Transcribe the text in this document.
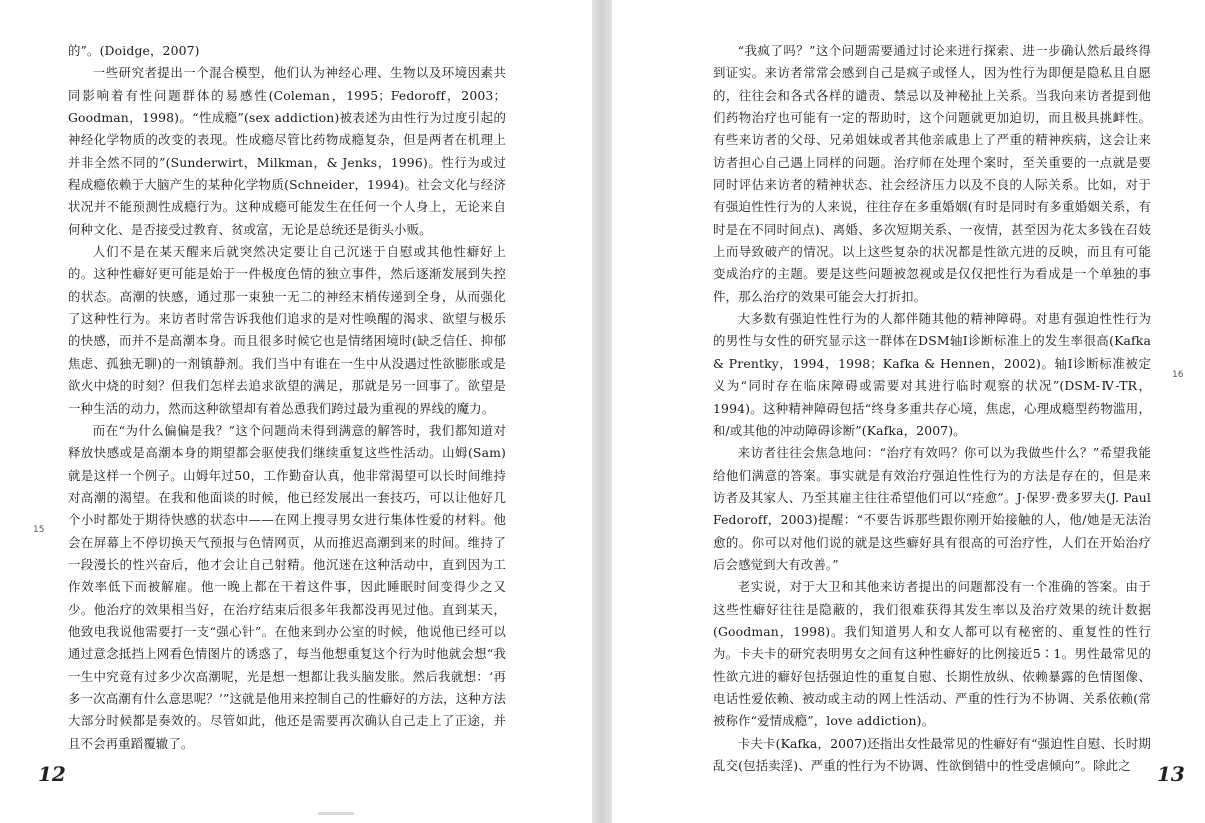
的”。(Doidge，2007)

一些研究者提出一个混合模型，他们认为神经心理、生物以及环境因素共同影响着有性问题群体的易感性(Coleman，1995；Fedoroff，2003；Goodman，1998)。“性成瘾”(sex addiction)被表述为由性行为过度引起的神经化学物质的改变的表现。性成瘾尽管比药物成瘾复杂，但是两者在机理上并非全然不同的”(Sunderwirt，Milkman，& Jenks，1996)。性行为或过程成瘾依赖于大脑产生的某种化学物质(Schneider，1994)。社会文化与经济状况并不能预测性成瘾行为。这种成瘾可能发生在任何一个人身上，无论来自何种文化、是否接受过教育、贫或富，无论是总统还是街头小贩。

人们不是在某天醒来后就突然决定要让自己沉迷于自慰或其他性癖好上的。这种性癖好更可能是始于一件极度色情的独立事件，然后逐渐发展到失控的状态。高潮的快感，通过那一束独一无二的神经末梢传递到全身，从而强化了这种性行为。来访者时常告诉我他们追求的是对性唤醒的渴求、欲望与极乐的快感，而并不是高潮本身。而且很多时候它也是情绪困境时(缺乏信任、抑郁焦虑、孤独无聊)的一剂镇静剂。我们当中有谁在一生中从没遇过性欲膨胀或是欲火中烧的时刻？但我们怎样去追求欲望的满足，那就是另一回事了。欲望是一种生活的动力，然而这种欲望却有着怂恿我们跨过最为重视的界线的魔力。

而在“为什么偏偏是我？”这个问题尚未得到满意的解答时，我们都知道对释放快感或是高潮本身的期望都会驱使我们继续重复这些性活动。山姆(Sam)就是这样一个例子。山姆年过50，工作勤奋认真，他非常渴望可以长时间维持对高潮的渴望。在我和他面谈的时候，他已经发展出一套技巧，可以让他好几个小时都处于期待快感的状态中——在网上搜寻男女进行集体性爱的材料。他会在屏幕上不停切换天气预报与色情网页，从而推迟高潮到来的时间。维持了一段漫长的性兴奋后，他才会让自己射精。他沉迷在这种活动中，直到因为工作效率低下而被解雇。他一晚上都在干着这件事，因此睡眠时间变得少之又少。他治疗的效果相当好，在治疗结束后很多年我都没再见过他。直到某天，他致电我说他需要打一支“强心针”。在他来到办公室的时候，他说他已经可以通过意念抵挡上网看色情图片的诱惑了，每当他想重复这个行为时他就会想“我一生中究竟有过多少次高潮呢，光是想一想都让我头脑发胀。然后我就想：‘再多一次高潮有什么意思呢？’”这就是他用来控制自己的性癖好的方法，这种方法大部分时候都是奏效的。尽管如此，他还是需要再次确认自己走上了正途，并且不会再重蹈覆辙了。

15
12

“我疯了吗？”这个问题需要通过讨论来进行探索、进一步确认然后最终得到证实。来访者常常会感到自己是疯子或怪人，因为性行为即便是隐私且自愿的，往往会和各式各样的谴责、禁忌以及神秘扯上关系。当我向来访者提到他们药物治疗也可能有一定的帮助时，这个问题就更加迫切，而且极具挑衅性。有些来访者的父母、兄弟姐妹或者其他亲戚患上了严重的精神疾病，这会让来访者担心自己遇上同样的问题。治疗师在处理个案时，至关重要的一点就是要同时评估来访者的精神状态、社会经济压力以及不良的人际关系。比如，对于有强迫性性行为的人来说，往往存在多重婚姻(有时是同时有多重婚姻关系，有时是在不同时间点)、离婚、多次短期关系、一夜情，甚至因为花太多钱在召妓上而导致破产的情况。以上这些复杂的状况都是性欲亢进的反映，而且有可能变成治疗的主题。要是这些问题被忽视或是仅仅把性行为看成是一个单独的事件，那么治疗的效果可能会大打折扣。

大多数有强迫性性行为的人都伴随其他的精神障碍。对患有强迫性性行为的男性与女性的研究显示这一群体在DSM轴Ⅰ诊断标准上的发生率很高(Kafka & Prentky，1994，1998；Kafka & Hennen，2002)。轴Ⅰ诊断标准被定义为“同时存在临床障碍或需要对其进行临时观察的状况”(DSM-Ⅳ-TR，1994)。这种精神障碍包括“终身多重共存心境，焦虑，心理成瘾型药物滥用，和/或其他的冲动障碍诊断”(Kafka，2007)。

来访者往往会焦急地问：“治疗有效吗？你可以为我做些什么？”希望我能给他们满意的答案。事实就是有效治疗强迫性性行为的方法是存在的，但是来访者及其家人、乃至其雇主往往希望他们可以“痊愈”。J·保罗·费多罗夫(J. Paul Fedoroff，2003)提醒：“不要告诉那些跟你刚开始接触的人，他/她是无法治愈的。你可以对他们说的就是这些癖好具有很高的可治疗性，人们在开始治疗后会感觉到大有改善。”

老实说，对于大卫和其他来访者提出的问题都没有一个准确的答案。由于这些性癖好往往是隐蔽的，我们很难获得其发生率以及治疗效果的统计数据(Goodman，1998)。我们知道男人和女人都可以有秘密的、重复性的性行为。卡夫卡的研究表明男女之间有这种性癖好的比例接近5∶1。男性最常见的性欲亢进的癖好包括强迫性的重复自慰、长期性放纵、依赖暴露的色情图像、电话性爱依赖、被动或主动的网上性活动、严重的性行为不协调、关系依赖(常被称作“爱情成瘾”，love addiction)。

卡夫卡(Kafka，2007)还指出女性最常见的性癖好有“强迫性自慰、长时期乱交(包括卖淫)、严重的性行为不协调、性欲倒错中的性受虐倾向”。除此之

16
13
